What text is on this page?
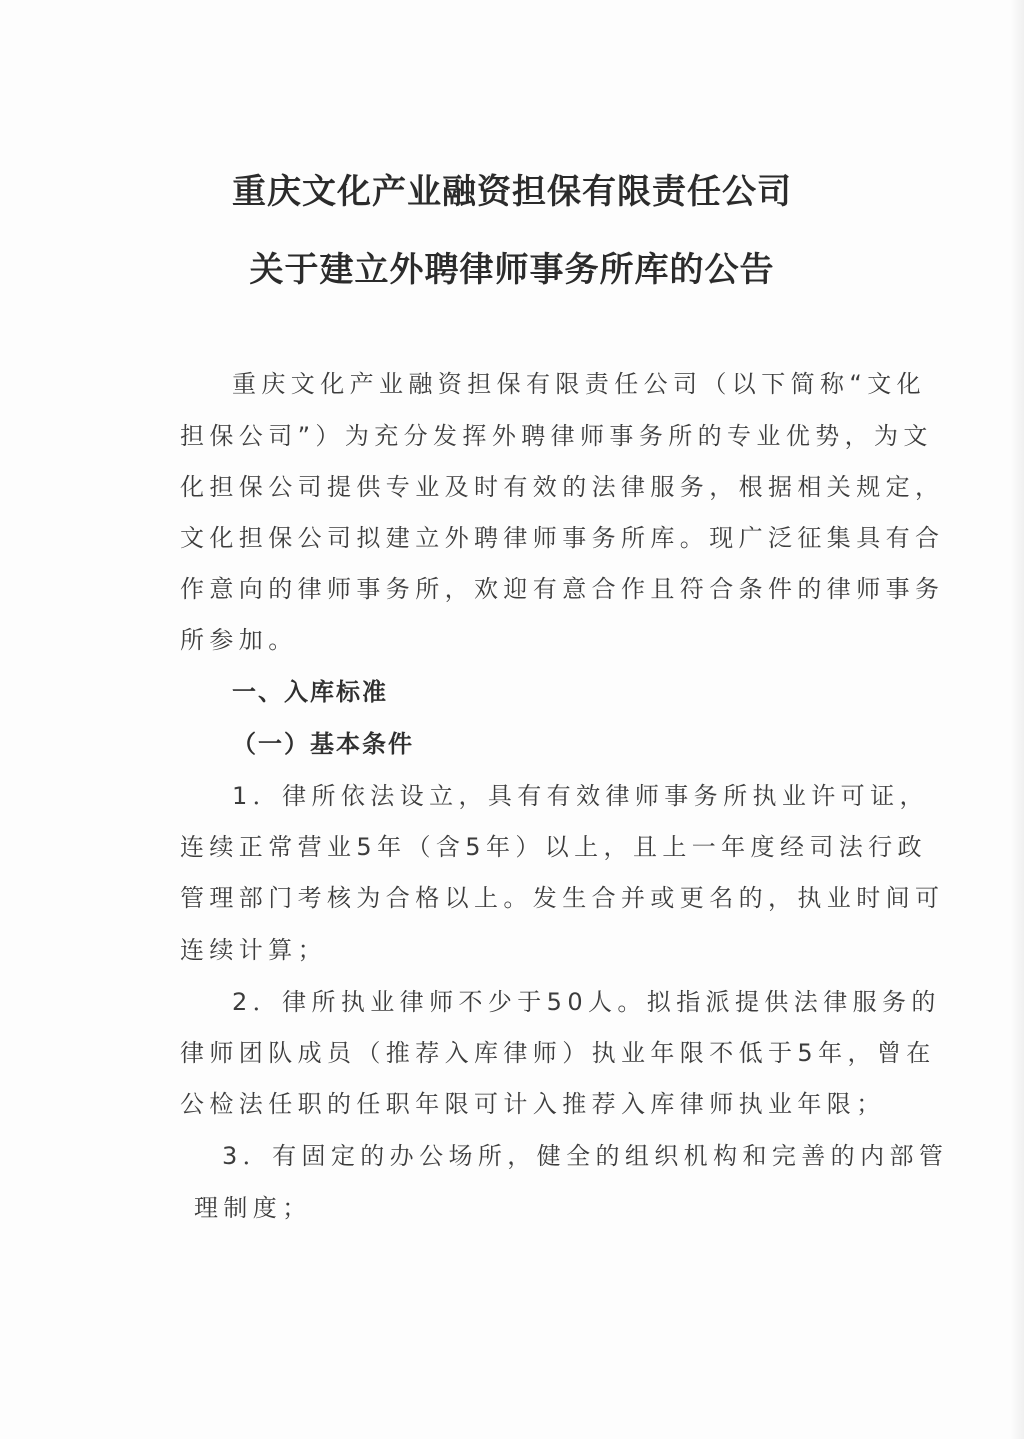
重庆文化产业融资担保有限责任公司
关于建立外聘律师事务所库的公告
重庆文化产业融资担保有限责任公司（以下简称“文化
担保公司”）为充分发挥外聘律师事务所的专业优势，为文
化担保公司提供专业及时有效的法律服务，根据相关规定，
文化担保公司拟建立外聘律师事务所库。现广泛征集具有合
作意向的律师事务所，欢迎有意合作且符合条件的律师事务
所参加。
一、入库标准
（一）基本条件
1．律所依法设立，具有有效律师事务所执业许可证，
连续正常营业5年（含5年）以上，且上一年度经司法行政
管理部门考核为合格以上。发生合并或更名的，执业时间可
连续计算；
2．律所执业律师不少于50人。拟指派提供法律服务的
律师团队成员（推荐入库律师）执业年限不低于5年，曾在
公检法任职的任职年限可计入推荐入库律师执业年限；
3．有固定的办公场所，健全的组织机构和完善的内部管
理制度；
